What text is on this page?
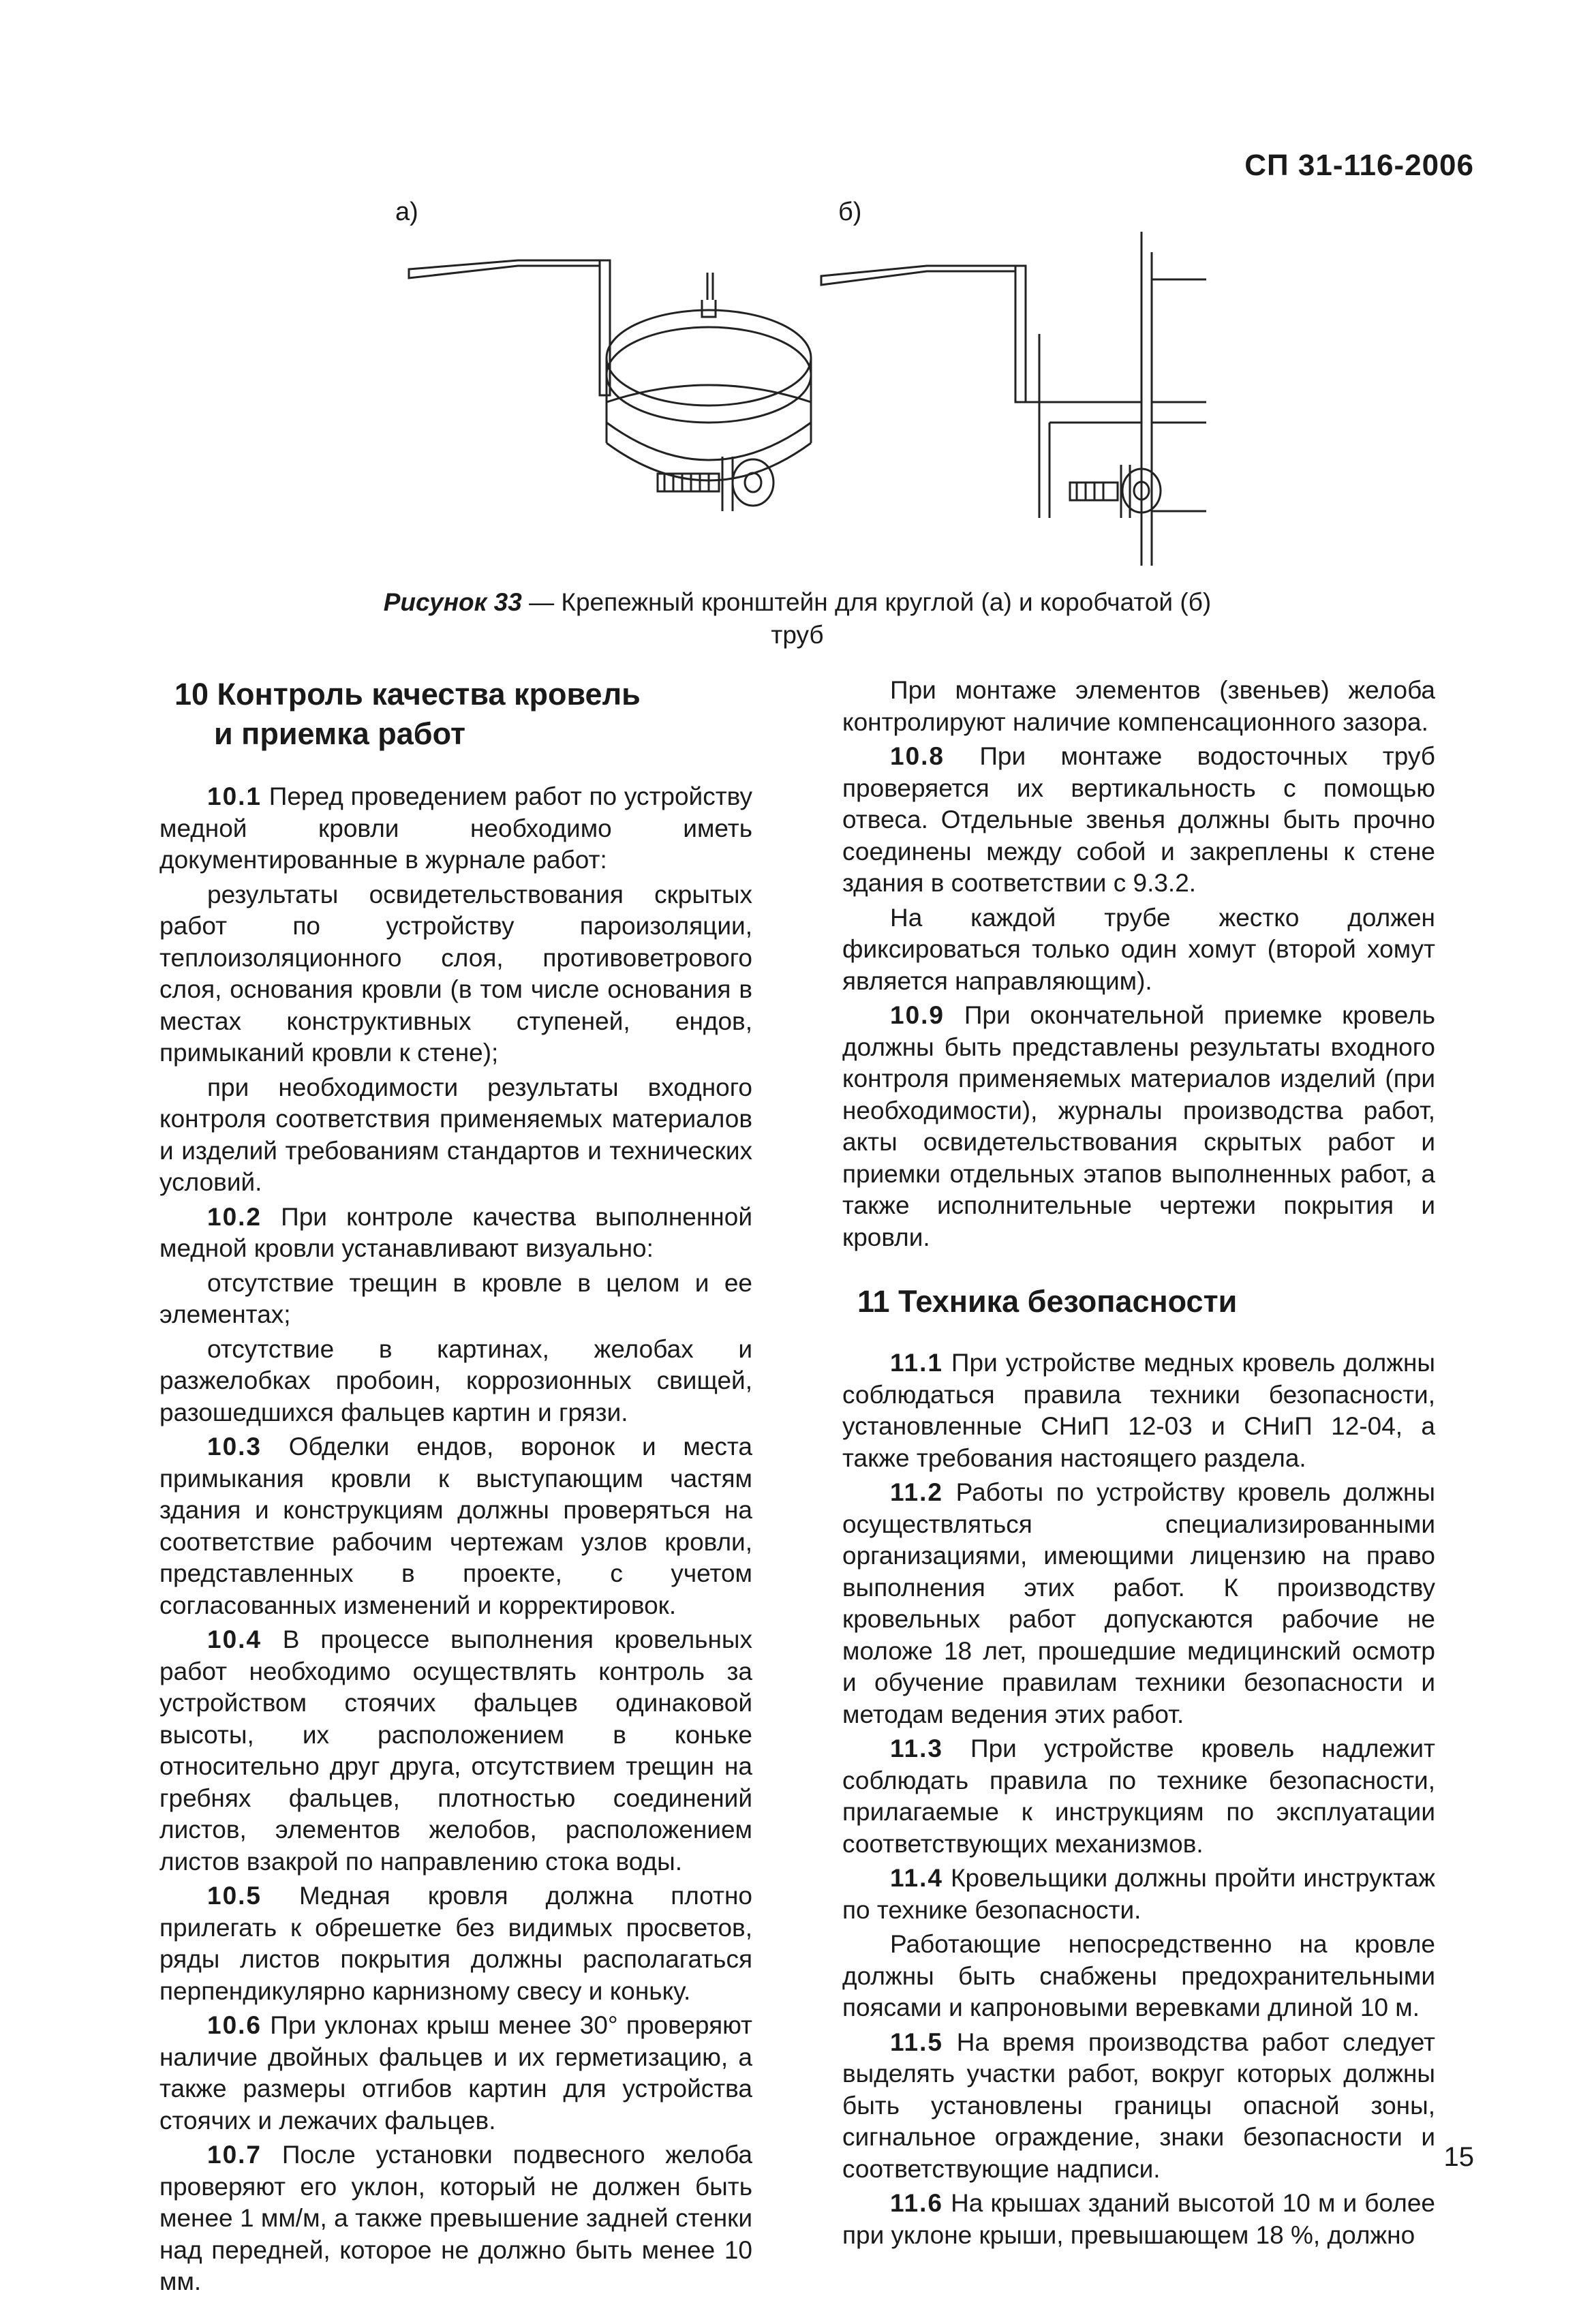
СП 31-116-2006
а)	б)
Рисунок 33 — Крепежный кронштейн для круглой (а) и коробчатой (б) труб
10 Контроль качества кровель
и приемка работ

10.1 Перед проведением работ по устройству медной кровли необходимо иметь документированные в журнале работ:

результаты освидетельствования скрытых работ по устройству пароизоляции, теплоизоляционного слоя, противоветрового слоя, основания кровли (в том числе основания в местах конструктивных ступеней, ендов, примыканий кровли к стене);

при необходимости результаты входного контроля соответствия применяемых материалов и изделий требованиям стандартов и технических условий.

10.2 При контроле качества выполненной медной кровли устанавливают визуально:

отсутствие трещин в кровле в целом и ее элементах;

отсутствие в картинах, желобах и разжелобках пробоин, коррозионных свищей, разошедшихся фальцев картин и грязи.

10.3 Обделки ендов, воронок и места примыкания кровли к выступающим частям здания и конструкциям должны проверяться на соответствие рабочим чертежам узлов кровли, представленных в проекте, с учетом согласованных изменений и корректировок.

10.4 В процессе выполнения кровельных работ необходимо осуществлять контроль за устройством стоячих фальцев одинаковой высоты, их расположением в коньке относительно друг друга, отсутствием трещин на гребнях фальцев, плотностью соединений листов, элементов желобов, расположением листов взакрой по направлению стока воды.

10.5 Медная кровля должна плотно прилегать к обрешетке без видимых просветов, ряды листов покрытия должны располагаться перпендикулярно карнизному свесу и коньку.

10.6 При уклонах крыш менее 30° проверяют наличие двойных фальцев и их герметизацию, а также размеры отгибов картин для устройства стоячих и лежачих фальцев.

10.7 После установки подвесного желоба проверяют его уклон, который не должен быть менее 1 мм/м, а также превышение задней стенки над передней, которое не должно быть менее 10 мм.

При монтаже элементов (звеньев) желоба контролируют наличие компенсационного зазора.

10.8 При монтаже водосточных труб проверяется их вертикальность с помощью отвеса. Отдельные звенья должны быть прочно соединены между собой и закреплены к стене здания в соответствии с 9.3.2.

На каждой трубе жестко должен фиксироваться только один хомут (второй хомут является направляющим).

10.9 При окончательной приемке кровель должны быть представлены результаты входного контроля применяемых материалов изделий (при необходимости), журналы производства работ, акты освидетельствования скрытых работ и приемки отдельных этапов выполненных работ, а также исполнительные чертежи покрытия и кровли.

11 Техника безопасности

11.1 При устройстве медных кровель должны соблюдаться правила техники безопасности, установленные СНиП 12-03 и СНиП 12-04, а также требования настоящего раздела.

11.2 Работы по устройству кровель должны осуществляться специализированными организациями, имеющими лицензию на право выполнения этих работ. К производству кровельных работ допускаются рабочие не моложе 18 лет, прошедшие медицинский осмотр и обучение правилам техники безопасности и методам ведения этих работ.

11.3 При устройстве кровель надлежит соблюдать правила по технике безопасности, прилагаемые к инструкциям по эксплуатации соответствующих механизмов.

11.4 Кровельщики должны пройти инструктаж по технике безопасности.

Работающие непосредственно на кровле должны быть снабжены предохранительными поясами и капроновыми веревками длиной 10 м.

11.5 На время производства работ следует выделять участки работ, вокруг которых должны быть установлены границы опасной зоны, сигнальное ограждение, знаки безопасности и соответствующие надписи.

11.6 На крышах зданий высотой 10 м и более при уклоне крыши, превышающем 18 %, должно

15
